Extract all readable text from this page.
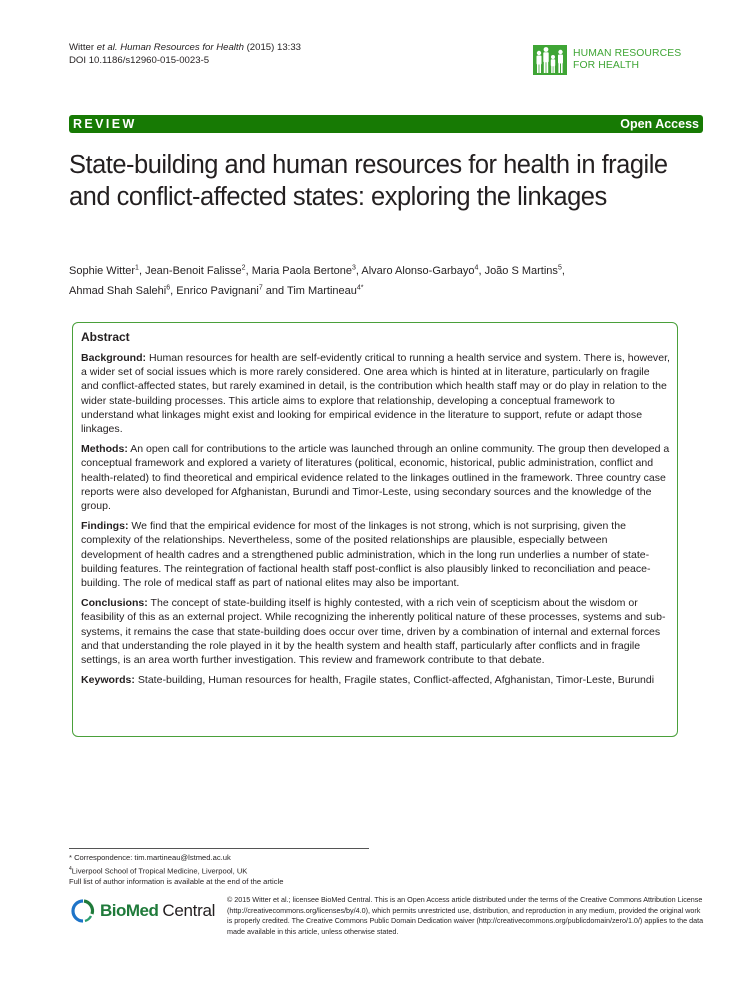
Witter et al. Human Resources for Health (2015) 13:33
DOI 10.1186/s12960-015-0023-5
HUMAN RESOURCES
FOR HEALTH
REVIEW	Open Access
State-building and human resources for health in fragile and conflict-affected states: exploring the linkages
Sophie Witter$^1$, Jean-Benoit Falisse$^2$, Maria Paola Bertone$^3$, Alvaro Alonso-Garbayo$^4$, João S Martins$^5$,
Ahmad Shah Salehi$^6$, Enrico Pavignani$^7$ and Tim Martineau$^{4*}$
Abstract

Background: Human resources for health are self-evidently critical to running a health service and system. There is, however, a wider set of social issues which is more rarely considered. One area which is hinted at in literature, particularly on fragile and conflict-affected states, but rarely examined in detail, is the contribution which health staff may or do play in relation to the wider state-building processes. This article aims to explore that relationship, developing a conceptual framework to understand what linkages might exist and looking for empirical evidence in the literature to support, refute or adapt those linkages.

Methods: An open call for contributions to the article was launched through an online community. The group then developed a conceptual framework and explored a variety of literatures (political, economic, historical, public administration, conflict and health-related) to find theoretical and empirical evidence related to the linkages outlined in the framework. Three country case reports were also developed for Afghanistan, Burundi and Timor-Leste, using secondary sources and the knowledge of the group.

Findings: We find that the empirical evidence for most of the linkages is not strong, which is not surprising, given the complexity of the relationships. Nevertheless, some of the posited relationships are plausible, especially between development of health cadres and a strengthened public administration, which in the long run underlies a number of state-building features. The reintegration of factional health staff post-conflict is also plausibly linked to reconciliation and peace-building. The role of medical staff as part of national elites may also be important.

Conclusions: The concept of state-building itself is highly contested, with a rich vein of scepticism about the wisdom or feasibility of this as an external project. While recognizing the inherently political nature of these processes, systems and sub-systems, it remains the case that state-building does occur over time, driven by a combination of internal and external forces and that understanding the role played in it by the health system and health staff, particularly after conflicts and in fragile settings, is an area worth further investigation. This review and framework contribute to that debate.

Keywords: State-building, Human resources for health, Fragile states, Conflict-affected, Afghanistan, Timor-Leste, Burundi

* Correspondence: tim.martineau@lstmed.ac.uk
$^4$Liverpool School of Tropical Medicine, Liverpool, UK
Full list of author information is available at the end of the article
BioMed Central
© 2015 Witter et al.; licensee BioMed Central. This is an Open Access article distributed under the terms of the Creative Commons Attribution License (http://creativecommons.org/licenses/by/4.0), which permits unrestricted use, distribution, and reproduction in any medium, provided the original work is properly credited. The Creative Commons Public Domain Dedication waiver (http://creativecommons.org/publicdomain/zero/1.0/) applies to the data made available in this article, unless otherwise stated.
